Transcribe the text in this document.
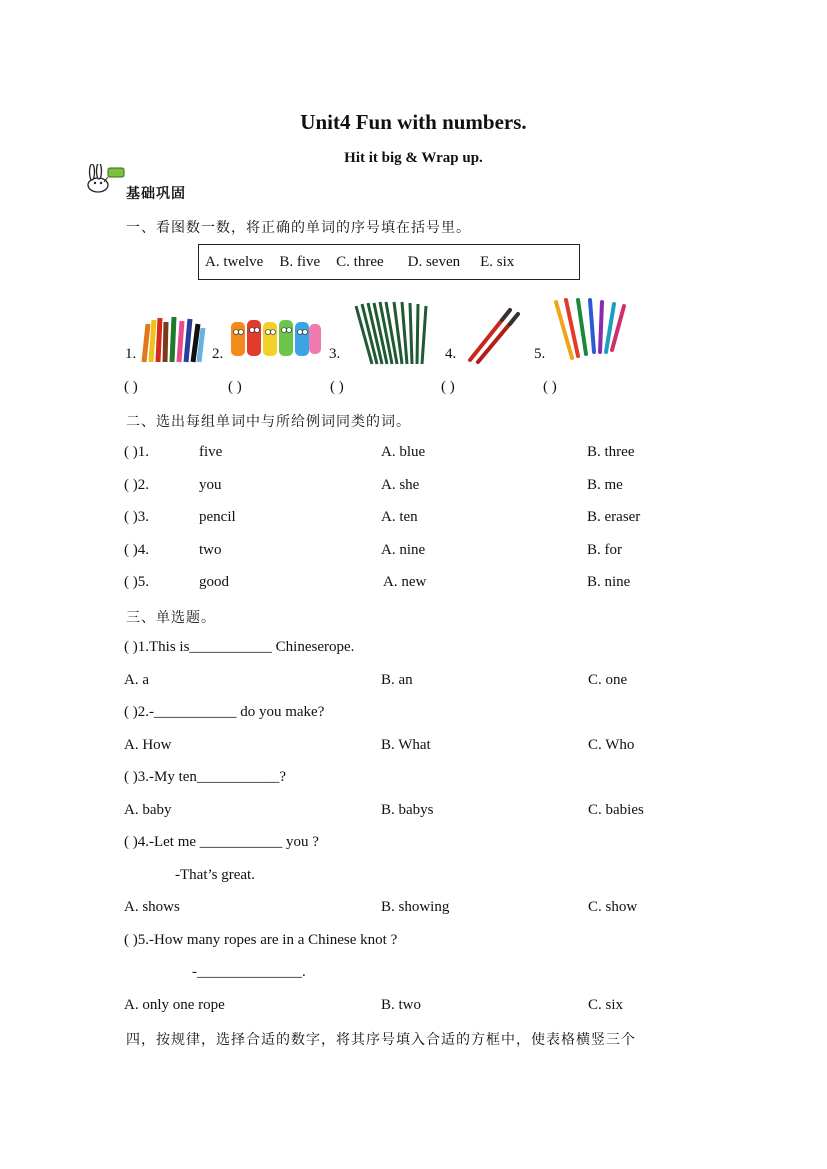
Unit4 Fun with numbers.
Hit it big & Wrap up.
基础巩固
一、看图数一数，将正确的单词的序号填在括号里。
A. twelve B. five C. three D. seven E. six
1.	2.	3.	4.	5.
( )	( )	( )	( )	( )
二、选出每组单词中与所给例词同类的词。
( )1.	five	A. blue	B. three
( )2.	you	A. she	B. me
( )3.	pencil	A. ten	B. eraser
( )4.	two	A. nine	B. for
( )5.	good	A. new	B. nine
三、单选题。
( )1.This is___________ Chineserope.
A. a	B. an	C. one
( )2.-___________ do you make?
A. How	B. What	C. Who
( )3.-My ten___________?
A. baby	B. babys	C. babies
( )4.-Let me ___________ you ?
-That’s great.
A. shows	B. showing	C. show
( )5.-How many ropes are in a Chinese knot ?
-______________.
A. only one rope	B. two	C. six
四，按规律，选择合适的数字，将其序号填入合适的方框中，使表格横竖三个
